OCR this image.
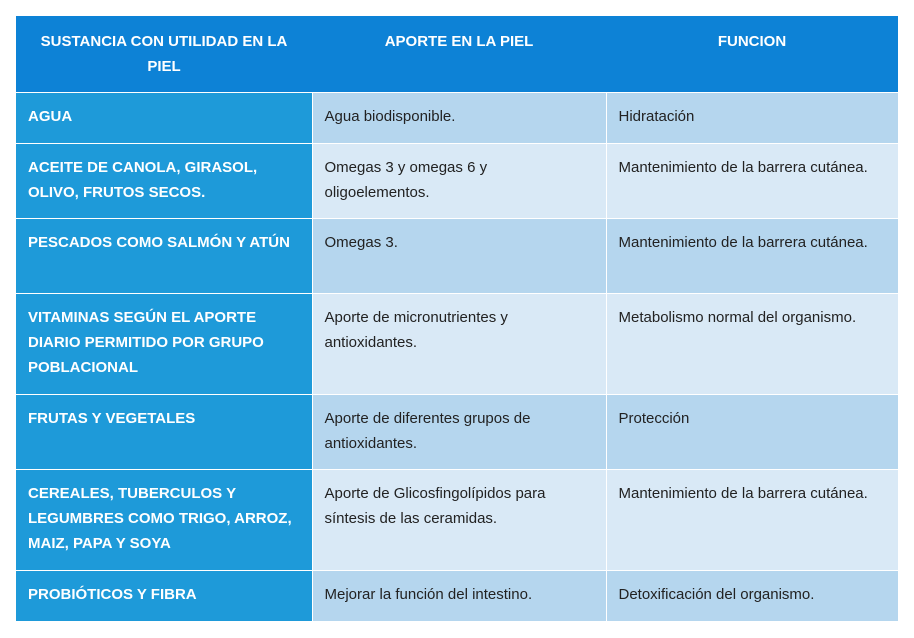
SUSTANCIA CON UTILIDAD EN LA PIEL	APORTE EN LA PIEL	FUNCION
AGUA	Agua biodisponible.	Hidratación
ACEITE DE CANOLA, GIRASOL, OLIVO, FRUTOS SECOS.	Omegas 3 y omegas 6 y oligoelementos.	Mantenimiento de la barrera cutánea.
PESCADOS COMO SALMÓN Y ATÚN	Omegas 3.	Mantenimiento de la barrera cutánea.
VITAMINAS SEGÚN EL APORTE DIARIO PERMITIDO POR GRUPO POBLACIONAL	Aporte de micronutrientes y antioxidantes.	Metabolismo normal del organismo.
FRUTAS Y VEGETALES	Aporte de diferentes grupos de antioxidantes.	Protección
CEREALES, TUBERCULOS Y LEGUMBRES COMO TRIGO, ARROZ, MAIZ, PAPA Y SOYA	Aporte de Glicosfingolípidos para síntesis de las ceramidas.	Mantenimiento de la barrera cutánea.
PROBIÓTICOS Y FIBRA	Mejorar la función del intestino.	Detoxificación del organismo.
